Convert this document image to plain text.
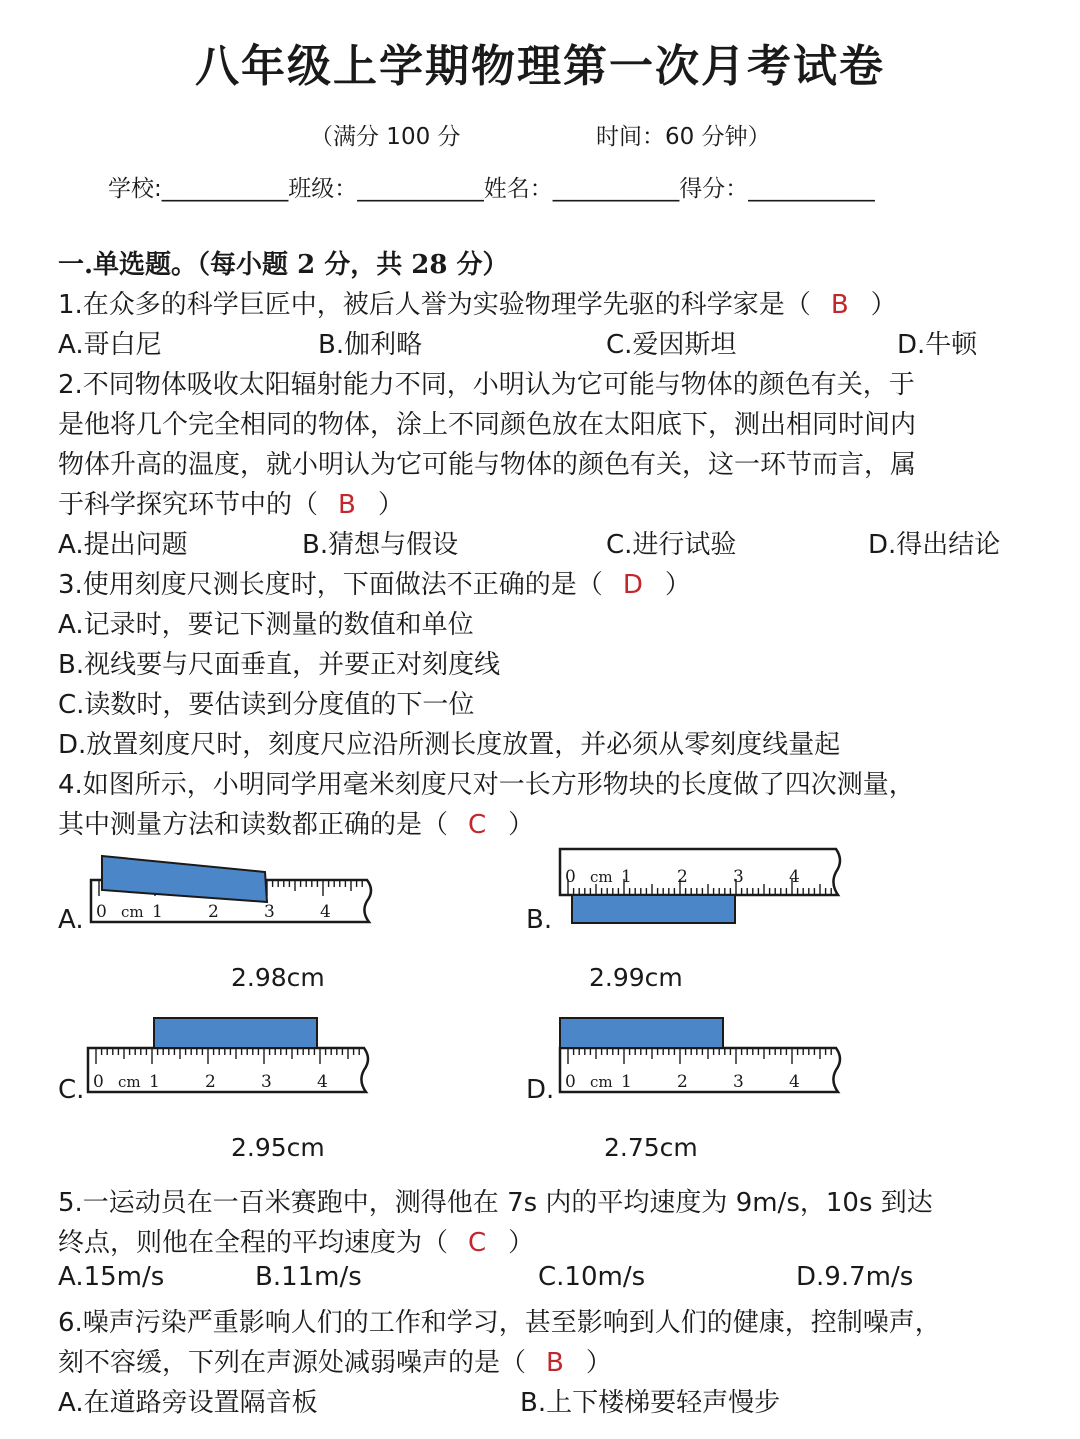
八年级上学期物理第一次月考试卷
（满分 100 分	时间：60 分钟）
学校:___________班级：___________姓名：___________得分：___________
一.单选题。（每小题 2 分，共 28 分）
1.在众多的科学巨匠中，被后人誉为实验物理学先驱的科学家是（ B ）
A.哥白尼	B.伽利略	C.爱因斯坦	D.牛顿
2.不同物体吸收太阳辐射能力不同，小明认为它可能与物体的颜色有关，于
是他将几个完全相同的物体，涂上不同颜色放在太阳底下，测出相同时间内
物体升高的温度，就小明认为它可能与物体的颜色有关，这一环节而言，属
于科学探究环节中的（ B ）
A.提出问题	B.猜想与假设	C.进行试验	D.得出结论
3.使用刻度尺测长度时，下面做法不正确的是（ D ）
A.记录时，要记下测量的数值和单位
B.视线要与尺面垂直，并要正对刻度线
C.读数时，要估读到分度值的下一位
D.放置刻度尺时，刻度尺应沿所测长度放置，并必须从零刻度线量起
4.如图所示，小明同学用毫米刻度尺对一长方形物块的长度做了四次测量，
其中测量方法和读数都正确的是（ C ）
A. 0	1	2	3	4
cm
2.98cm
B.
0	1	2	3	4
cm
2.99cm
C. 0	1	2	3	4
cm
2.95cm
D. 0	1	2	3	4
cm
2.75cm
5.一运动员在一百米赛跑中，测得他在 7s 内的平均速度为 9m/s，10s 到达
终点，则他在全程的平均速度为（ C ）
A.15m/s	B.11m/s	C.10m/s	D.9.7m/s
6.噪声污染严重影响人们的工作和学习，甚至影响到人们的健康，控制噪声，
刻不容缓，下列在声源处减弱噪声的是（ B ）
A.在道路旁设置隔音板	B.上下楼梯要轻声慢步
